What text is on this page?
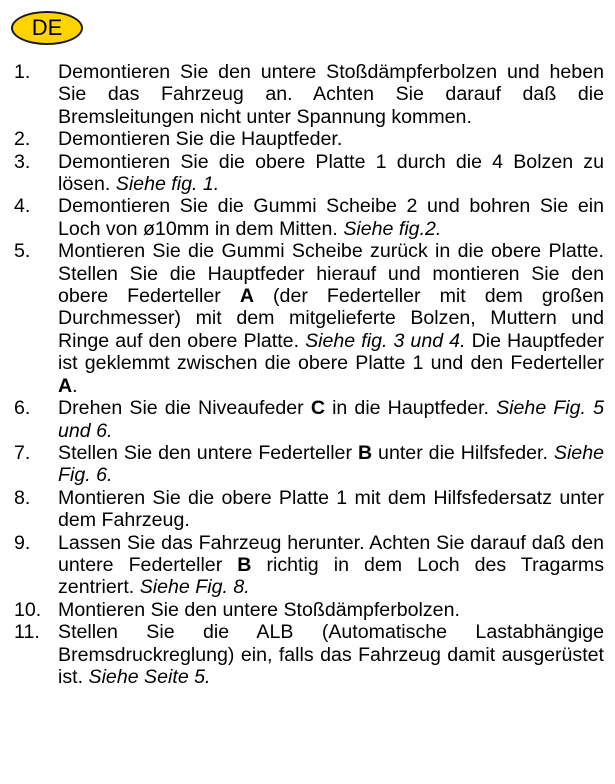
DE
1. Demontieren Sie den untere Stoßdämpferbolzen und heben Sie das Fahrzeug an. Achten Sie darauf daß die Bremsleitungen nicht unter Spannung kommen.
2. Demontieren Sie die Hauptfeder.
3. Demontieren Sie die obere Platte 1 durch die 4 Bolzen zu lösen. Siehe fig. 1.
4. Demontieren Sie die Gummi Scheibe 2 und bohren Sie ein Loch von ø10mm in dem Mitten. Siehe fig.2.
5. Montieren Sie die Gummi Scheibe zurück in die obere Platte. Stellen Sie die Hauptfeder hierauf und montieren Sie den obere Federteller A (der Federteller mit dem großen Durchmesser) mit dem mitgelieferte Bolzen, Muttern und Ringe auf den obere Platte. Siehe fig. 3 und 4. Die Hauptfeder ist geklemmt zwischen die obere Platte 1 und den Federteller A.
6. Drehen Sie die Niveaufeder C in die Hauptfeder. Siehe Fig. 5 und 6.
7. Stellen Sie den untere Federteller B unter die Hilfsfeder. Siehe Fig. 6.
8. Montieren Sie die obere Platte 1 mit dem Hilfsfedersatz unter dem Fahrzeug.
9. Lassen Sie das Fahrzeug herunter. Achten Sie darauf daß den untere Federteller B richtig in dem Loch des Tragarms zentriert. Siehe Fig. 8.
10. Montieren Sie den untere Stoßdämpferbolzen.
11. Stellen Sie die ALB (Automatische Lastabhängige Bremsdruckreglung) ein, falls das Fahrzeug damit ausgerüstet ist. Siehe Seite 5.
